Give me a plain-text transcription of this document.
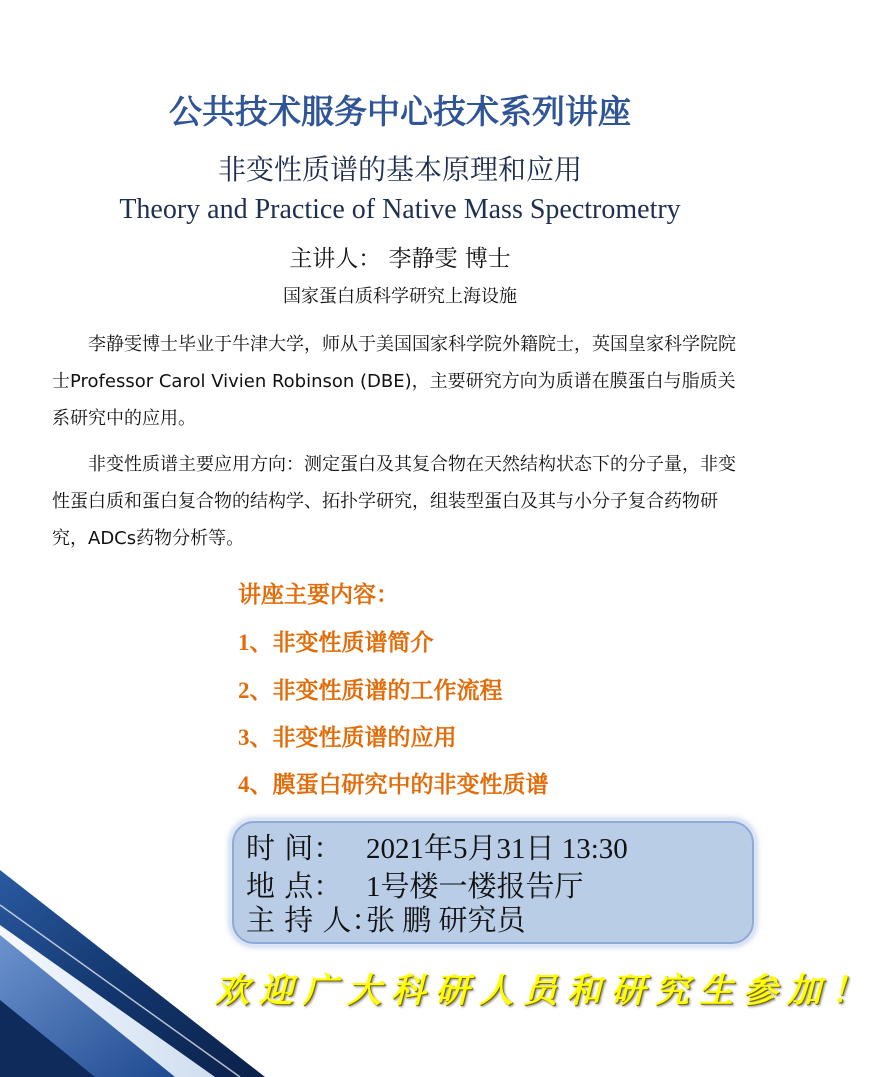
公共技术服务中心技术系列讲座
非变性质谱的基本原理和应用
Theory and Practice of Native Mass Spectrometry
主讲人： 李静雯 博士
国家蛋白质科学研究上海设施

李静雯博士毕业于牛津大学，师从于美国国家科学院外籍院士，英国皇家科学院院士Professor Carol Vivien Robinson (DBE)，主要研究方向为质谱在膜蛋白与脂质关系研究中的应用。

非变性质谱主要应用方向：测定蛋白及其复合物在天然结构状态下的分子量，非变性蛋白质和蛋白复合物的结构学、拓扑学研究，组装型蛋白及其与小分子复合药物研究，ADCs药物分析等。

讲座主要内容：
1、非变性质谱简介
2、非变性质谱的工作流程
3、非变性质谱的应用
4、膜蛋白研究中的非变性质谱
时 间： 2021年5月31日 13:30
地 点： 1号楼一楼报告厅
主 持 人：张 鹏 研究员
欢迎广大科研人员和研究生参加！
